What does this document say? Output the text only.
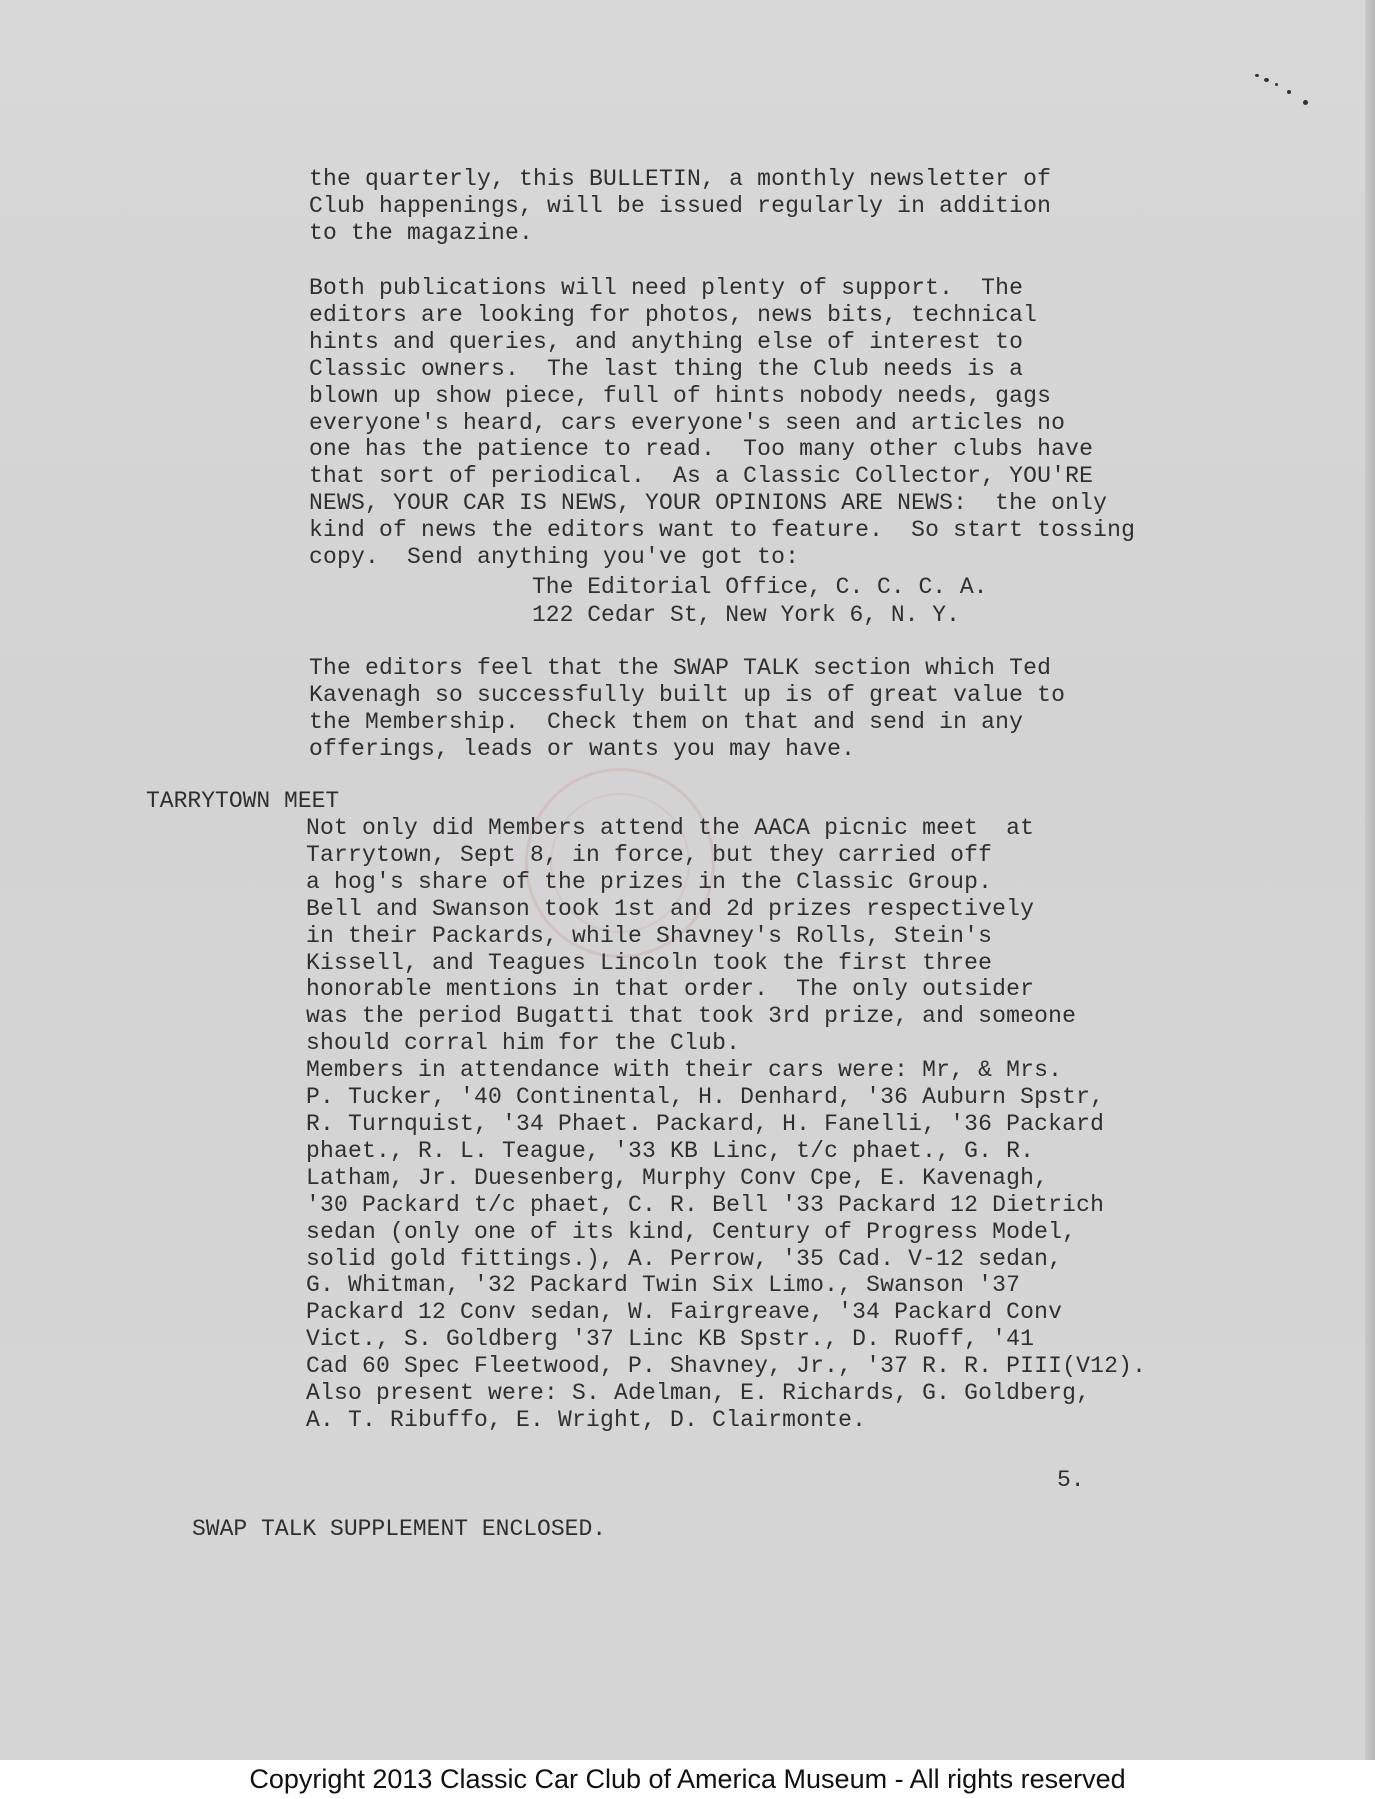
the quarterly, this BULLETIN, a monthly newsletter of
Club happenings, will be issued regularly in addition
to the magazine.
Both publications will need plenty of support.  The
editors are looking for photos, news bits, technical
hints and queries, and anything else of interest to
Classic owners.  The last thing the Club needs is a
blown up show piece, full of hints nobody needs, gags
everyone's heard, cars everyone's seen and articles no
one has the patience to read.  Too many other clubs have
that sort of periodical.  As a Classic Collector, YOU'RE
NEWS, YOUR CAR IS NEWS, YOUR OPINIONS ARE NEWS:  the only
kind of news the editors want to feature.  So start tossing
copy.  Send anything you've got to:
The Editorial Office, C. C. C. A.
122 Cedar St, New York 6, N. Y.
The editors feel that the SWAP TALK section which Ted
Kavenagh so successfully built up is of great value to
the Membership.  Check them on that and send in any
offerings, leads or wants you may have.
TARRYTOWN MEET
Not only did Members attend the AACA picnic meet  at
Tarrytown, Sept 8, in force, but they carried off
a hog's share of the prizes in the Classic Group.
Bell and Swanson took 1st and 2d prizes respectively
in their Packards, while Shavney's Rolls, Stein's
Kissell, and Teagues Lincoln took the first three
honorable mentions in that order.  The only outsider
was the period Bugatti that took 3rd prize, and someone
should corral him for the Club.
Members in attendance with their cars were: Mr, & Mrs.
P. Tucker, '40 Continental, H. Denhard, '36 Auburn Spstr,
R. Turnquist, '34 Phaet. Packard, H. Fanelli, '36 Packard
phaet., R. L. Teague, '33 KB Linc, t/c phaet., G. R.
Latham, Jr. Duesenberg, Murphy Conv Cpe, E. Kavenagh,
'30 Packard t/c phaet, C. R. Bell '33 Packard 12 Dietrich
sedan (only one of its kind, Century of Progress Model,
solid gold fittings.), A. Perrow, '35 Cad. V-12 sedan,
G. Whitman, '32 Packard Twin Six Limo., Swanson '37
Packard 12 Conv sedan, W. Fairgreave, '34 Packard Conv
Vict., S. Goldberg '37 Linc KB Spstr., D. Ruoff, '41
Cad 60 Spec Fleetwood, P. Shavney, Jr., '37 R. R. PIII(V12).
Also present were: S. Adelman, E. Richards, G. Goldberg,
A. T. Ribuffo, E. Wright, D. Clairmonte.
5.
SWAP TALK SUPPLEMENT ENCLOSED.
Copyright 2013 Classic Car Club of America Museum - All rights reserved
